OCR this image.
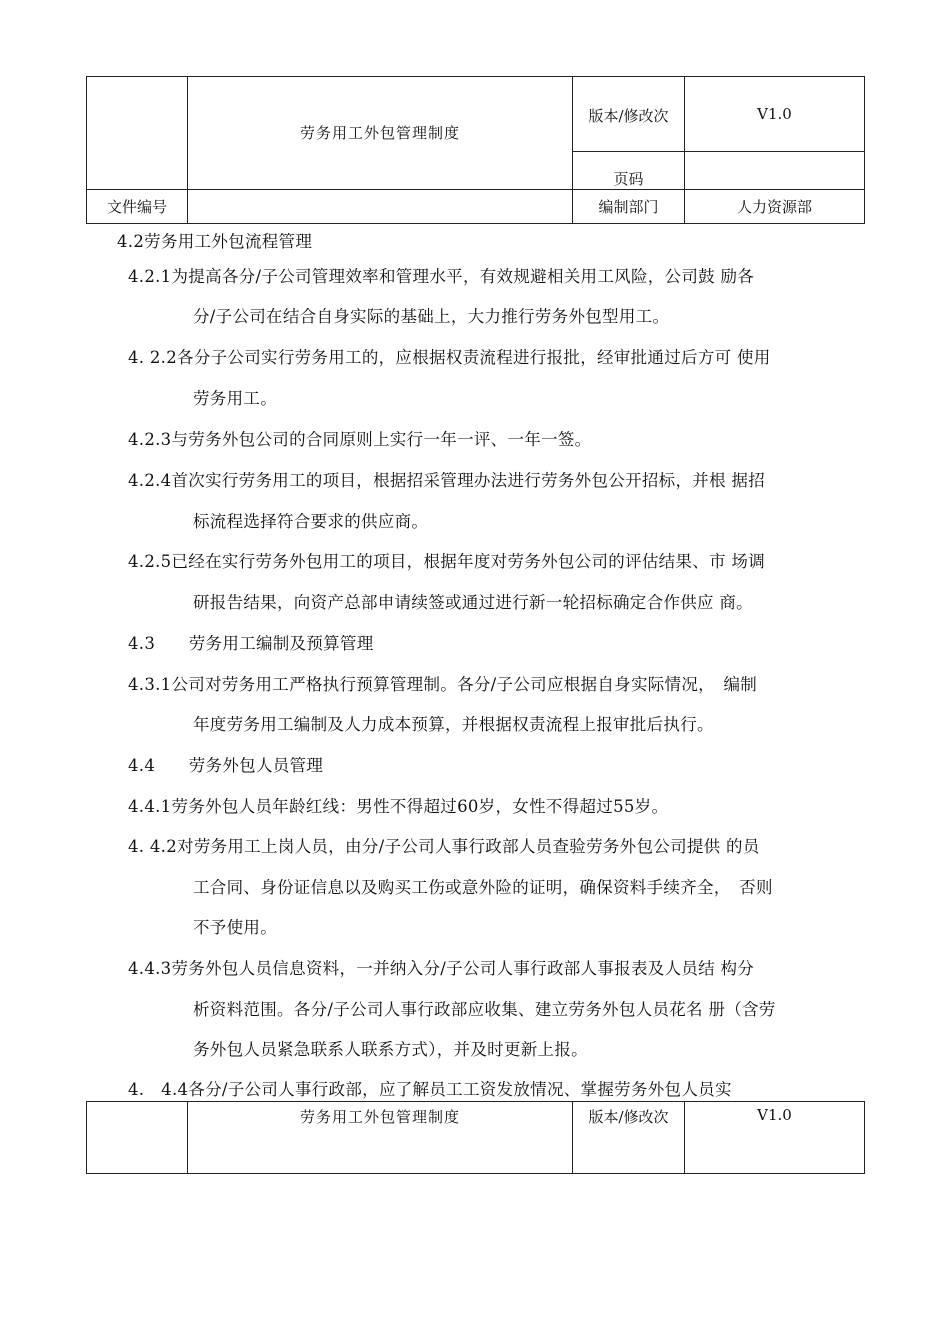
	劳务用工外包管理制度	版本/修改次	V1.0
		页码	
文件编号		编制部门	人力资源部
4.2劳务用工外包流程管理
4.2.1为提高各分/子公司管理效率和管理水平，有效规避相关用工风险，公司鼓 励各
分/子公司在结合自身实际的基础上，大力推行劳务外包型用工。
4. 2.2各分子公司实行劳务用工的，应根据权责流程进行报批，经审批通过后方可 使用
劳务用工。
4.2.3与劳务外包公司的合同原则上实行一年一评、一年一签。
4.2.4首次实行劳务用工的项目，根据招采管理办法进行劳务外包公开招标，并根 据招
标流程选择符合要求的供应商。
4.2.5已经在实行劳务外包用工的项目，根据年度对劳务外包公司的评估结果、市 场调
研报告结果，向资产总部申请续签或通过进行新一轮招标确定合作供应 商。
4.3　　劳务用工编制及预算管理
4.3.1公司对劳务用工严格执行预算管理制。各分/子公司应根据自身实际情况，　编制
年度劳务用工编制及人力成本预算，并根据权责流程上报审批后执行。
4.4　　劳务外包人员管理
4.4.1劳务外包人员年龄红线：男性不得超过60岁，女性不得超过55岁。
4. 4.2对劳务用工上岗人员，由分/子公司人事行政部人员查验劳务外包公司提供 的员
工合同、身份证信息以及购买工伤或意外险的证明，确保资料手续齐全，　否则
不予使用。
4.4.3劳务外包人员信息资料，一并纳入分/子公司人事行政部人事报表及人员结 构分
析资料范围。各分/子公司人事行政部应收集、建立劳务外包人员花名 册（含劳
务外包人员紧急联系人联系方式），并及时更新上报。
4.　4.4各分/子公司人事行政部，应了解员工工资发放情况、掌握劳务外包人员实
	劳务用工外包管理制度	版本/修改次	V1.0
